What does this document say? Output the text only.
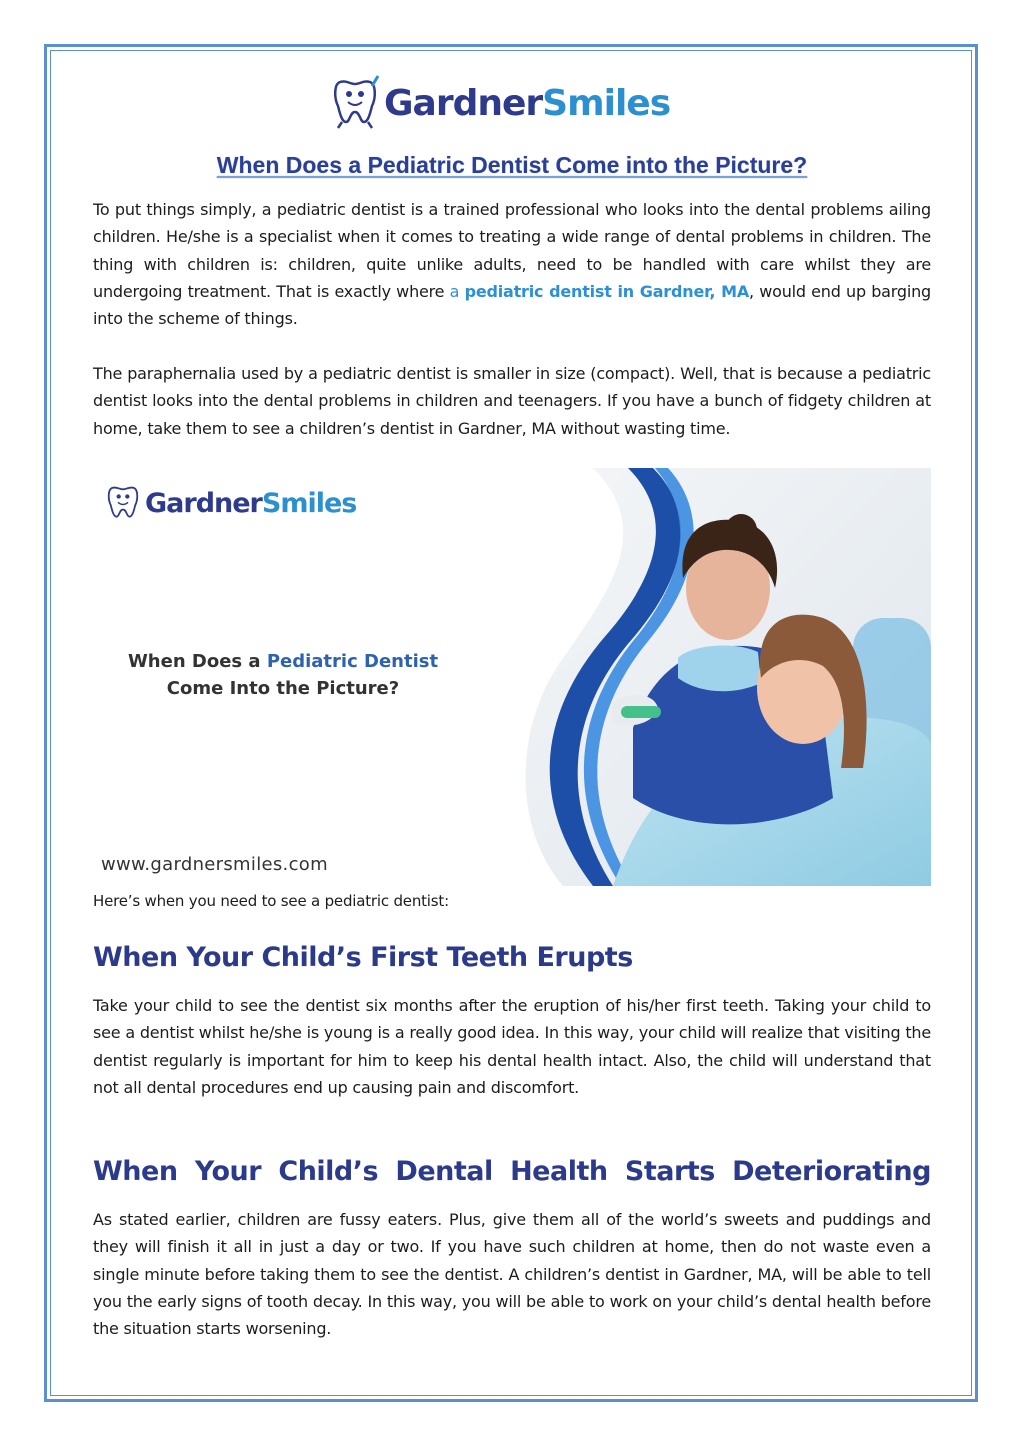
GardnerSmiles
When Does a Pediatric Dentist Come into the Picture?

To put things simply, a pediatric dentist is a trained professional who looks into the dental problems ailing children. He/she is a specialist when it comes to treating a wide range of dental problems in children. The thing with children is: children, quite unlike adults, need to be handled with care whilst they are undergoing treatment. That is exactly where a pediatric dentist in Gardner, MA, would end up barging into the scheme of things.

The paraphernalia used by a pediatric dentist is smaller in size (compact). Well, that is because a pediatric dentist looks into the dental problems in children and teenagers. If you have a bunch of fidgety children at home, take them to see a children’s dentist in Gardner, MA without wasting time.

GardnerSmiles
When Does a Pediatric Dentist
Come Into the Picture?
www.gardnersmiles.com

Here’s when you need to see a pediatric dentist:

When Your Child’s First Teeth Erupts

Take your child to see the dentist six months after the eruption of his/her first teeth. Taking your child to see a dentist whilst he/she is young is a really good idea. In this way, your child will realize that visiting the dentist regularly is important for him to keep his dental health intact. Also, the child will understand that not all dental procedures end up causing pain and discomfort.

When Your Child’s Dental Health Starts Deteriorating

As stated earlier, children are fussy eaters. Plus, give them all of the world’s sweets and puddings and they will finish it all in just a day or two. If you have such children at home, then do not waste even a single minute before taking them to see the dentist. A children’s dentist in Gardner, MA, will be able to tell you the early signs of tooth decay. In this way, you will be able to work on your child’s dental health before the situation starts worsening.
